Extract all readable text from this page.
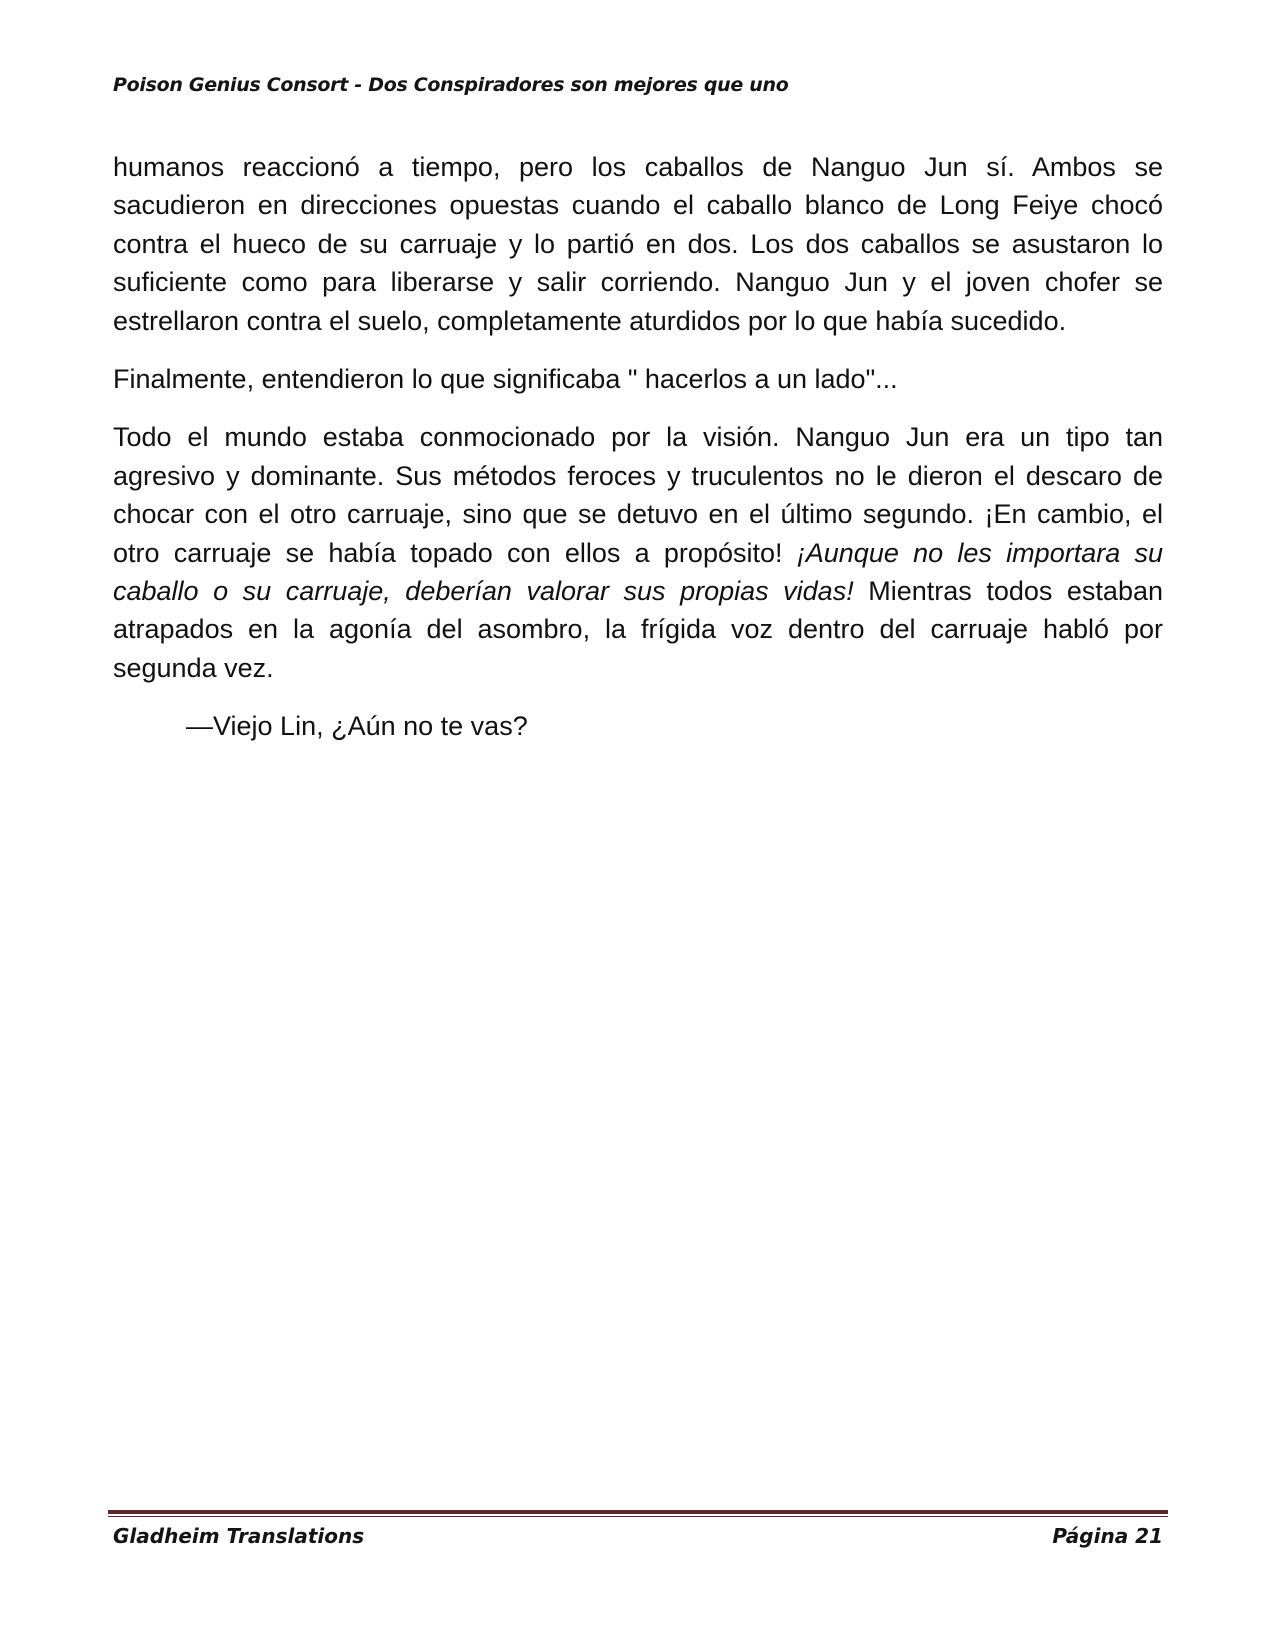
Poison Genius Consort - Dos Conspiradores son mejores que uno

humanos reaccionó a tiempo, pero los caballos de Nanguo Jun sí. Ambos se sacudieron en direcciones opuestas cuando el caballo blanco de Long Feiye chocó contra el hueco de su carruaje y lo partió en dos. Los dos caballos se asustaron lo suficiente como para liberarse y salir corriendo. Nanguo Jun y el joven chofer se estrellaron contra el suelo, completamente aturdidos por lo que había sucedido.

Finalmente, entendieron lo que significaba " hacerlos a un lado"...

Todo el mundo estaba conmocionado por la visión. Nanguo Jun era un tipo tan agresivo y dominante. Sus métodos feroces y truculentos no le dieron el descaro de chocar con el otro carruaje, sino que se detuvo en el último segundo. ¡En cambio, el otro carruaje se había topado con ellos a propósito! ¡Aunque no les importara su caballo o su carruaje, deberían valorar sus propias vidas! Mientras todos estaban atrapados en la agonía del asombro, la frígida voz dentro del carruaje habló por segunda vez.

—Viejo Lin, ¿Aún no te vas?

Gladheim Translations	Página 21
